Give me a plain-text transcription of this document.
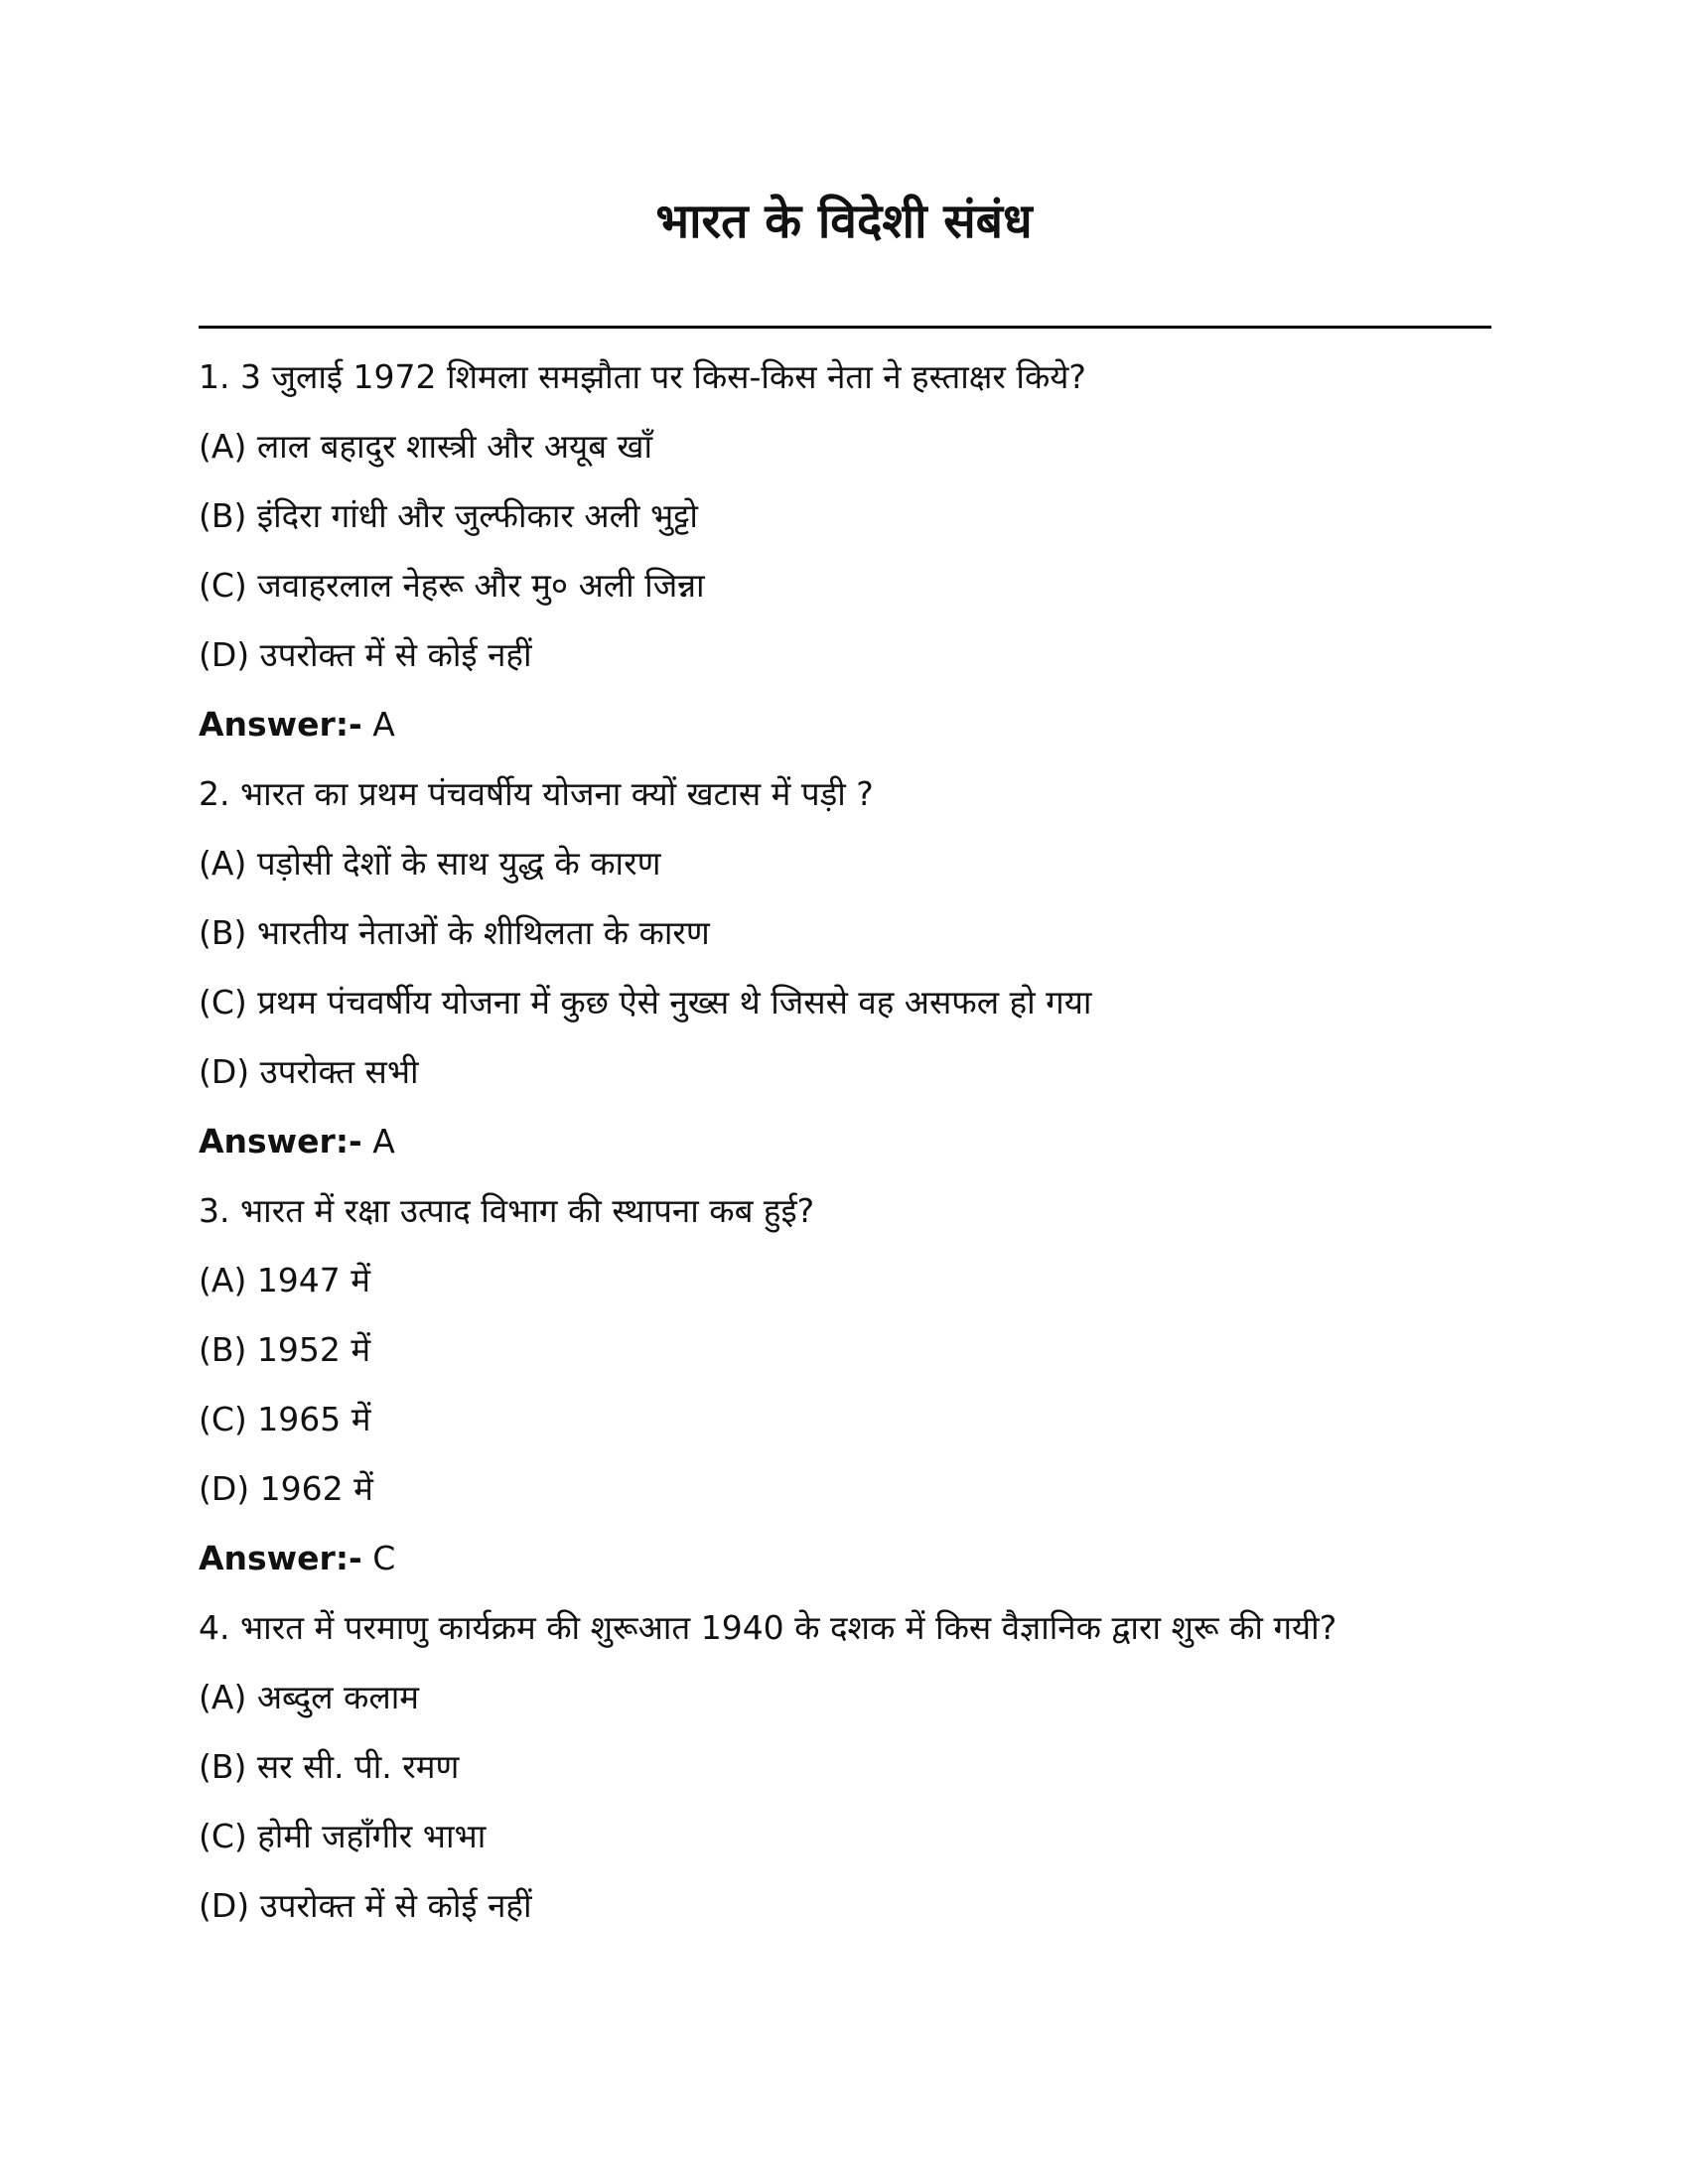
भारत के विदेशी संबंध
1. 3 जुलाई 1972 शिमला समझौता पर किस-किस नेता ने हस्ताक्षर किये?
(A) लाल बहादुर शास्त्री और अयूब खाँ
(B) इंदिरा गांधी और जुल्फीकार अली भुट्टो
(C) जवाहरलाल नेहरू और मु० अली जिन्ना
(D) उपरोक्त में से कोई नहीं
Answer:- A
2. भारत का प्रथम पंचवर्षीय योजना क्यों खटास में पड़ी ?
(A) पड़ोसी देशों के साथ युद्ध के कारण
(B) भारतीय नेताओं के शीथिलता के कारण
(C) प्रथम पंचवर्षीय योजना में कुछ ऐसे नुख्स थे जिससे वह असफल हो गया
(D) उपरोक्त सभी
Answer:- A
3. भारत में रक्षा उत्पाद विभाग की स्थापना कब हुई?
(A) 1947 में
(B) 1952 में
(C) 1965 में
(D) 1962 में
Answer:- C
4. भारत में परमाणु कार्यक्रम की शुरूआत 1940 के दशक में किस वैज्ञानिक द्वारा शुरू की गयी?
(A) अब्दुल कलाम
(B) सर सी. पी. रमण
(C) होमी जहाँगीर भाभा
(D) उपरोक्त में से कोई नहीं
